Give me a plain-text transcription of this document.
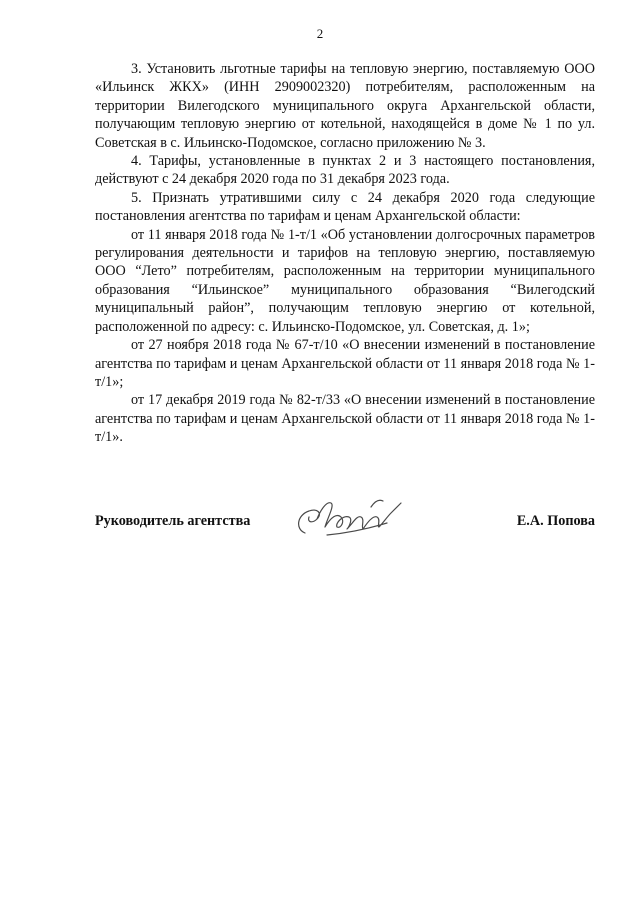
2

3. Установить льготные тарифы на тепловую энергию, поставляемую ООО «Ильинск ЖКХ» (ИНН 2909002320) потребителям, расположенным на территории Вилегодского муниципального округа Архангельской области, получающим тепловую энергию от котельной, находящейся в доме № 1 по ул. Советская в с. Ильинско-Подомское, согласно приложению № 3.

4. Тарифы, установленные в пунктах 2 и 3 настоящего постановления, действуют с 24 декабря 2020 года по 31 декабря 2023 года.

5. Признать утратившими силу с 24 декабря 2020 года следующие постановления агентства по тарифам и ценам Архангельской области:

от 11 января 2018 года № 1-т/1 «Об установлении долгосрочных параметров регулирования деятельности и тарифов на тепловую энергию, поставляемую ООО “Лето” потребителям, расположенным на территории муниципального образования “Ильинское” муниципального образования “Вилегодский муниципальный район”, получающим тепловую энергию от котельной, расположенной по адресу: с. Ильинско-Подомское, ул. Советская, д. 1»;

от 27 ноября 2018 года № 67-т/10 «О внесении изменений в постановление агентства по тарифам и ценам Архангельской области от 11 января 2018 года № 1-т/1»;

от 17 декабря 2019 года № 82-т/33 «О внесении изменений в постановление агентства по тарифам и ценам Архангельской области от 11 января 2018 года № 1-т/1».

Руководитель агентства	Е.А. Попова
